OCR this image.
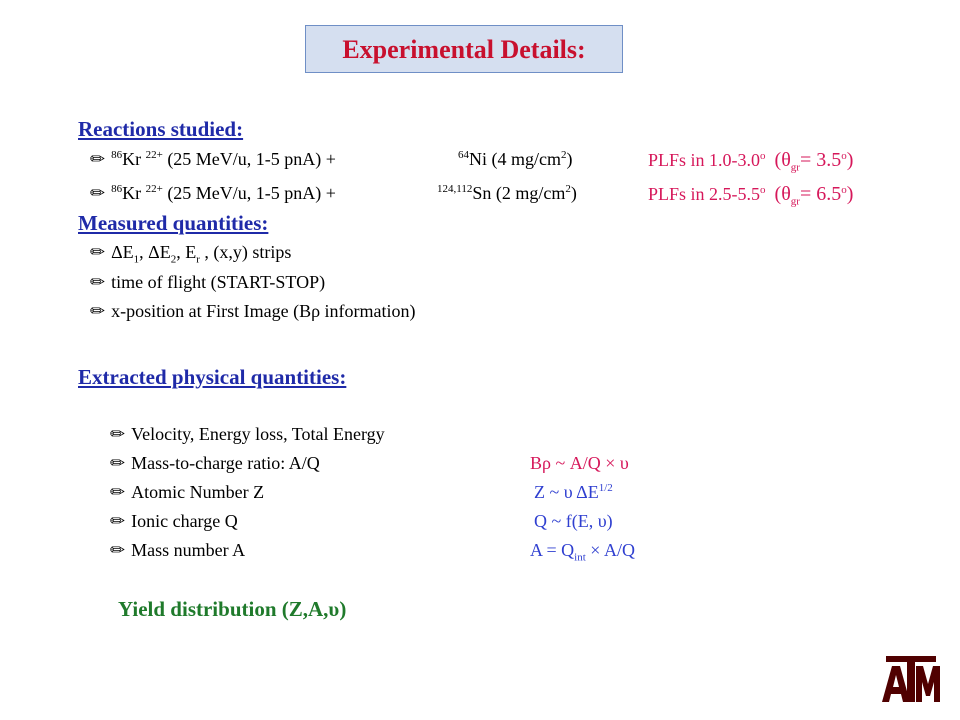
Experimental Details:
Reactions studied:
✏ $^{86}$Kr $^{22+}$ (25 MeV/u, 1-5 pnA) +	$^{64}$Ni (4 $mg/cm^2$)	PLFs in 1.0-3.0$^o$ $(\theta_{gr}= 3.5^o)$
✏ $^{86}$Kr $^{22+}$ (25 MeV/u, 1-5 pnA) +	$^{124,112}$Sn (2 $mg/cm^2$)	PLFs in 2.5-5.5$^o$ $(\theta_{gr}= 6.5^o)$
Measured quantities:
✏ $\Delta E_1$, $\Delta E_2$, $E_r$ , (x,y) strips
✏ time of flight (START-STOP)
✏ x-position at First Image (Bρ information)
Extracted physical quantities:
✏ Velocity, Energy loss, Total Energy
✏ Mass-to-charge ratio: A/Q	Bρ ~ A/Q × υ
✏ Atomic Number Z	Z ~ υ $\Delta E^{1/2}$
✏ Ionic charge Q	Q ~ f(E, υ)
✏ Mass number A	$A = Q_{int} \times A/Q$
Yield distribution (Z,A,υ)
